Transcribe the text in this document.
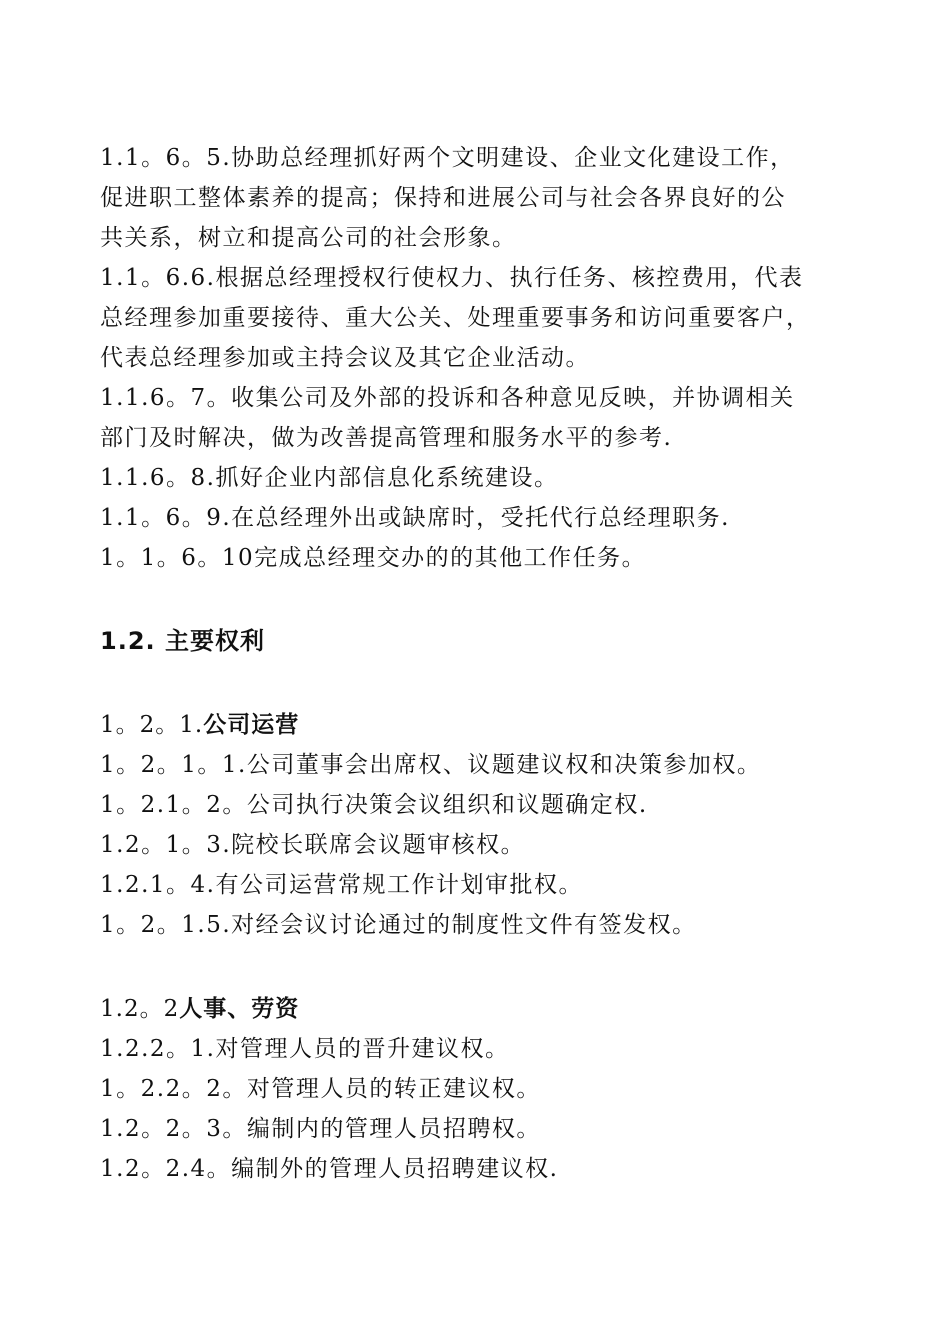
1.1。6。5.协助总经理抓好两个文明建设、企业文化建设工作，
促进职工整体素养的提高；保持和进展公司与社会各界良好的公
共关系，树立和提高公司的社会形象。
1.1。6.6.根据总经理授权行使权力、执行任务、核控费用，代表
总经理参加重要接待、重大公关、处理重要事务和访问重要客户，
代表总经理参加或主持会议及其它企业活动。
1.1.6。7。收集公司及外部的投诉和各种意见反映，并协调相关
部门及时解决，做为改善提高管理和服务水平的参考.
1.1.6。8.抓好企业内部信息化系统建设。
1.1。6。9.在总经理外出或缺席时，受托代行总经理职务.
1。1。6。10完成总经理交办的的其他工作任务。
1.2. 主要权利
1。2。1.公司运营
1。2。1。1.公司董事会出席权、议题建议权和决策参加权。
1。2.1。2。公司执行决策会议组织和议题确定权.
1.2。1。3.院校长联席会议题审核权。
1.2.1。4.有公司运营常规工作计划审批权。
1。2。1.5.对经会议讨论通过的制度性文件有签发权。
1.2。2人事、劳资
1.2.2。1.对管理人员的晋升建议权。
1。2.2。2。对管理人员的转正建议权。
1.2。2。3。编制内的管理人员招聘权。
1.2。2.4。编制外的管理人员招聘建议权.
